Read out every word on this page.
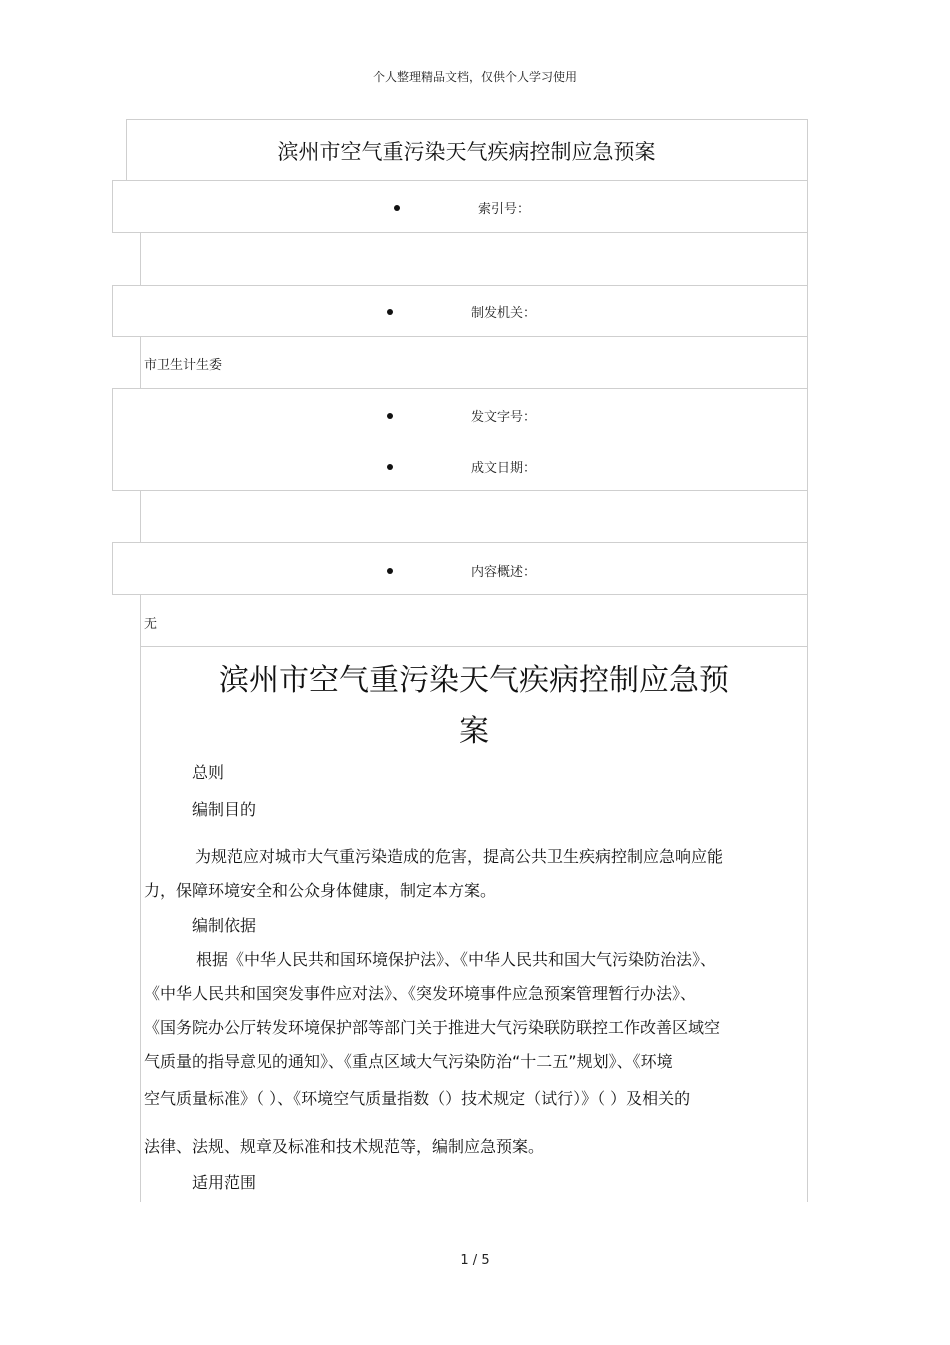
个人整理精品文档，仅供个人学习使用
滨州市空气重污染天气疾病控制应急预案
索引号：
制发机关：
市卫生计生委
发文字号：
成文日期：
内容概述：
无
滨州市空气重污染天气疾病控制应急预
案
总则
编制目的
为规范应对城市大气重污染造成的危害，提高公共卫生疾病控制应急响应能
力，保障环境安全和公众身体健康，制定本方案。
编制依据
根据《中华人民共和国环境保护法》、《中华人民共和国大气污染防治法》、
《中华人民共和国突发事件应对法》、《突发环境事件应急预案管理暂行办法》、
《国务院办公厅转发环境保护部等部门关于推进大气污染联防联控工作改善区域空
气质量的指导意见的通知》、《重点区域大气污染防治“十二五”规划》、《环境
空气质量标准》（ ）、《环境空气质量指数（）技术规定（试行）》（ ）及相关的
法律、法规、规章及标准和技术规范等，编制应急预案。
适用范围
1 / 5
